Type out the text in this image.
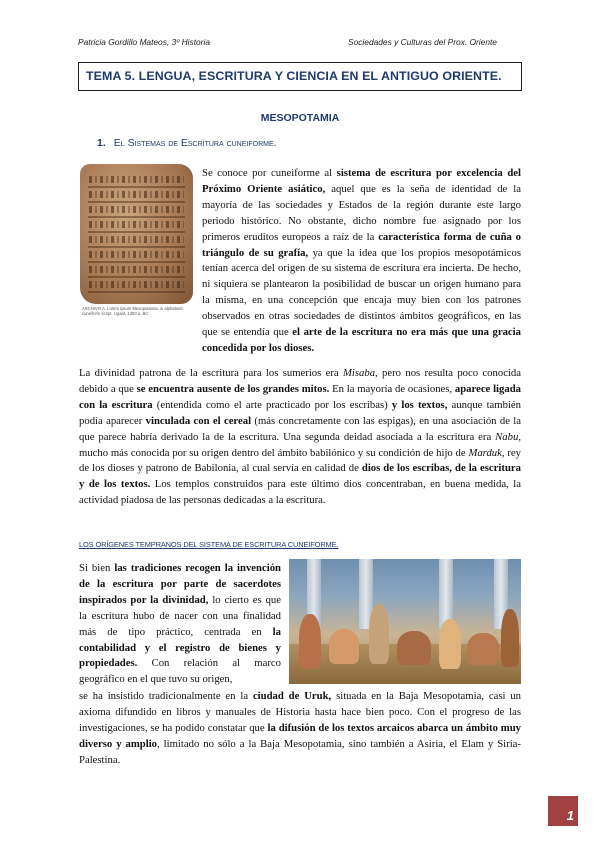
Patricia Gordillo Mateos, 3º Historia	Sociedades y Culturas del Prox. Oriente
TEMA 5. LENGUA, ESCRITURA Y CIENCIA EN EL ANTIGUO ORIENTE.
MESOPOTAMIA
1. El Sistemas de Escritura cuneiforme.
ARCHIVO A. Lorem ipsum Mesopotamia, in alphabetic cuneiform script. Ugarit, 1300 a. BC

Se conoce por cuneiforme al sistema de escritura por excelencia del Próximo Oriente asiático, aquel que es la seña de identidad de la mayoría de las sociedades y Estados de la región durante este largo periodo histórico. No obstante, dicho nombre fue asignado por los primeros eruditos europeos a raíz de la característica forma de cuña o triángulo de su grafía, ya que la idea que los propios mesopotámicos tenían acerca del origen de su sistema de escritura era incierta. De hecho, ni siquiera se plantearon la posibilidad de buscar un origen humano para la misma, en una concepción que encaja muy bien con los patrones observados en otras sociedades de distintos ámbitos geográficos, en las que se entendía que el arte de la escritura no era más que una gracia concedida por los dioses.

La divinidad patrona de la escritura para los sumerios era Misaba, pero nos resulta poco conocida debido a que se encuentra ausente de los grandes mitos. En la mayoría de ocasiones, aparece ligada con la escritura (entendida como el arte practicado por los escribas) y los textos, aunque también podía aparecer vinculada con el cereal (más concretamente con las espigas), en una asociación de la que parece habría derivado la de la escritura. Una segunda deidad asociada a la escritura era Nabu, mucho más conocida por su origen dentro del ámbito babilónico y su condición de hijo de Marduk, rey de los dioses y patrono de Babilonia, al cual servía en calidad de dios de los escribas, de la escritura y de los textos. Los templos construidos para este último dios concentraban, en buena medida, la actividad piadosa de las personas dedicadas a la escritura.

LOS ORÍGENES TEMPRANOS DEL SISTEMA DE ESCRITURA CUNEIFORME.

Si bien las tradiciones recogen la invención de la escritura por parte de sacerdotes inspirados por la divinidad, lo cierto es que la escritura hubo de nacer con una finalidad más de tipo práctico, centrada en la contabilidad y el registro de bienes y propiedades. Con relación al marco geográfico en el que tuvo su origen,

se ha insistido tradicionalmente en la ciudad de Uruk, situada en la Baja Mesopotamia, casi un axioma difundido en libros y manuales de Historia hasta hace bien poco. Con el progreso de las investigaciones, se ha podido constatar que la difusión de los textos arcaicos abarca un ámbito muy diverso y amplio, limitado no sólo a la Baja Mesopotamia, sino también a Asiria, el Elam y Siria-Palestina.

1
